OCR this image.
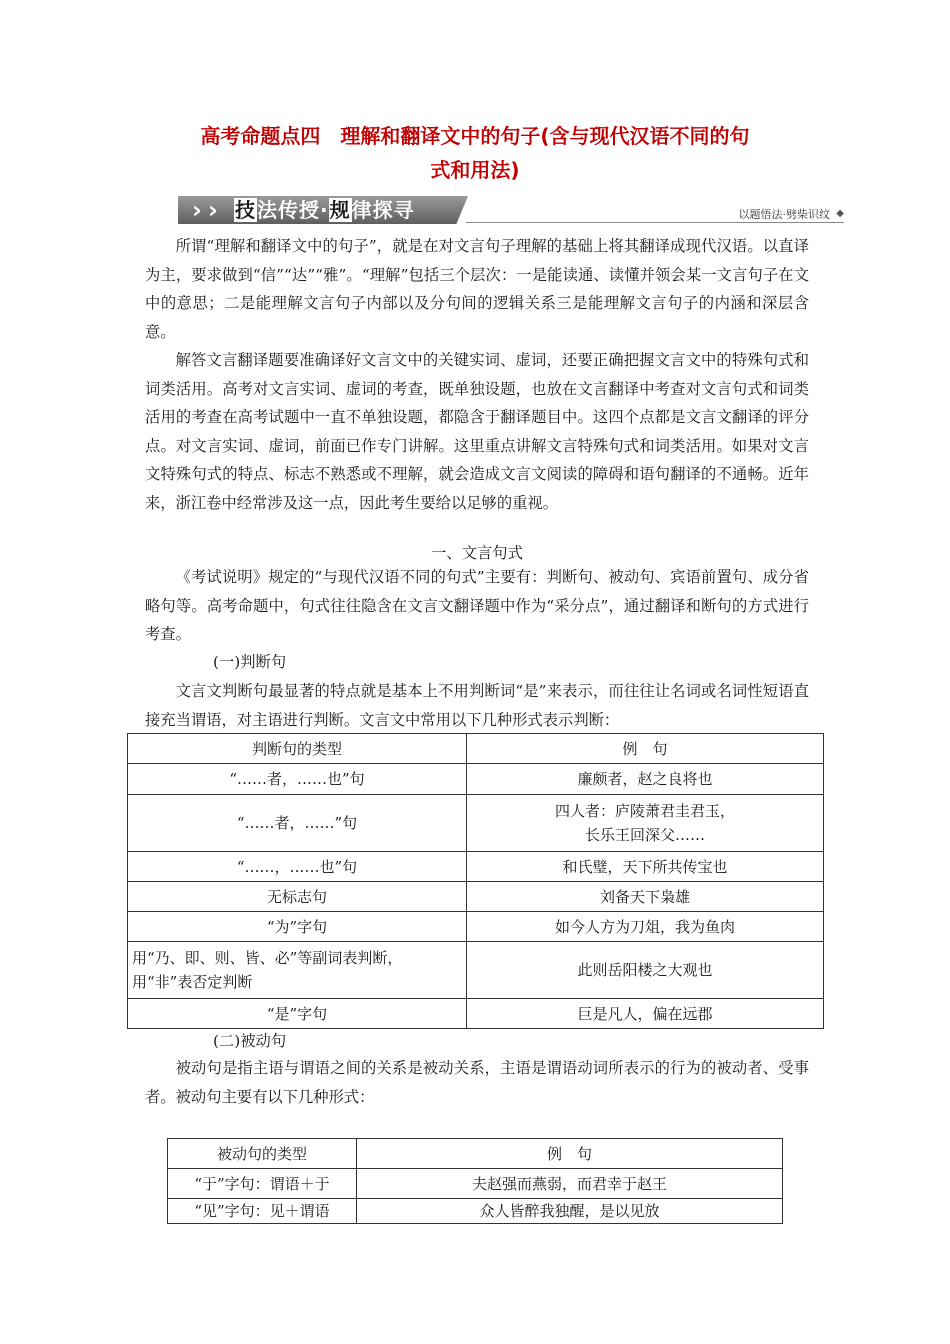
高考命题点四　理解和翻译文中的句子(含与现代汉语不同的句
式和用法)
› › 技法传授·规律探寻	以题悟法·劈柴识纹 ◆

所谓“理解和翻译文中的句子”，就是在对文言句子理解的基础上将其翻译成现代汉语。以直译为主，要求做到“信”“达”“雅”。“理解”包括三个层次：一是能读通、读懂并领会某一文言句子在文中的意思；二是能理解文言句子内部以及分句间的逻辑关系三是能理解文言句子的内涵和深层含意。

解答文言翻译题要准确译好文言文中的关键实词、虚词，还要正确把握文言文中的特殊句式和词类活用。高考对文言实词、虚词的考查，既单独设题，也放在文言翻译中考查对文言句式和词类活用的考查在高考试题中一直不单独设题，都隐含于翻译题目中。这四个点都是文言文翻译的评分点。对文言实词、虚词，前面已作专门讲解。这里重点讲解文言特殊句式和词类活用。如果对文言文特殊句式的特点、标志不熟悉或不理解，就会造成文言文阅读的障碍和语句翻译的不通畅。近年来，浙江卷中经常涉及这一点，因此考生要给以足够的重视。

一、文言句式

《考试说明》规定的“与现代汉语不同的句式”主要有：判断句、被动句、宾语前置句、成分省略句等。高考命题中，句式往往隐含在文言文翻译题中作为“采分点”，通过翻译和断句的方式进行考查。

(一)判断句

文言文判断句最显著的特点就是基本上不用判断词“是”来表示，而往往让名词或名词性短语直接充当谓语，对主语进行判断。文言文中常用以下几种形式表示判断：

判断句的类型	例　句
“……者，……也”句	廉颇者，赵之良将也
“……者，……”句	四人者：庐陵萧君圭君玉，
长乐王回深父……

“……，……也”句	和氏璧，天下所共传宝也
无标志句	刘备天下枭雄
“为”字句	如今人方为刀俎，我为鱼肉

用“乃、即、则、皆、必”等副词表判断，
用“非”表否定判断	此则岳阳楼之大观也
“是”字句	巨是凡人，偏在远郡
(二)被动句

被动句是指主语与谓语之间的关系是被动关系，主语是谓语动词所表示的行为的被动者、受事者。被动句主要有以下几种形式：

被动句的类型	例　句
“于”字句：谓语＋于	夫赵强而燕弱，而君幸于赵王
“见”字句：见＋谓语	众人皆醉我独醒，是以见放
